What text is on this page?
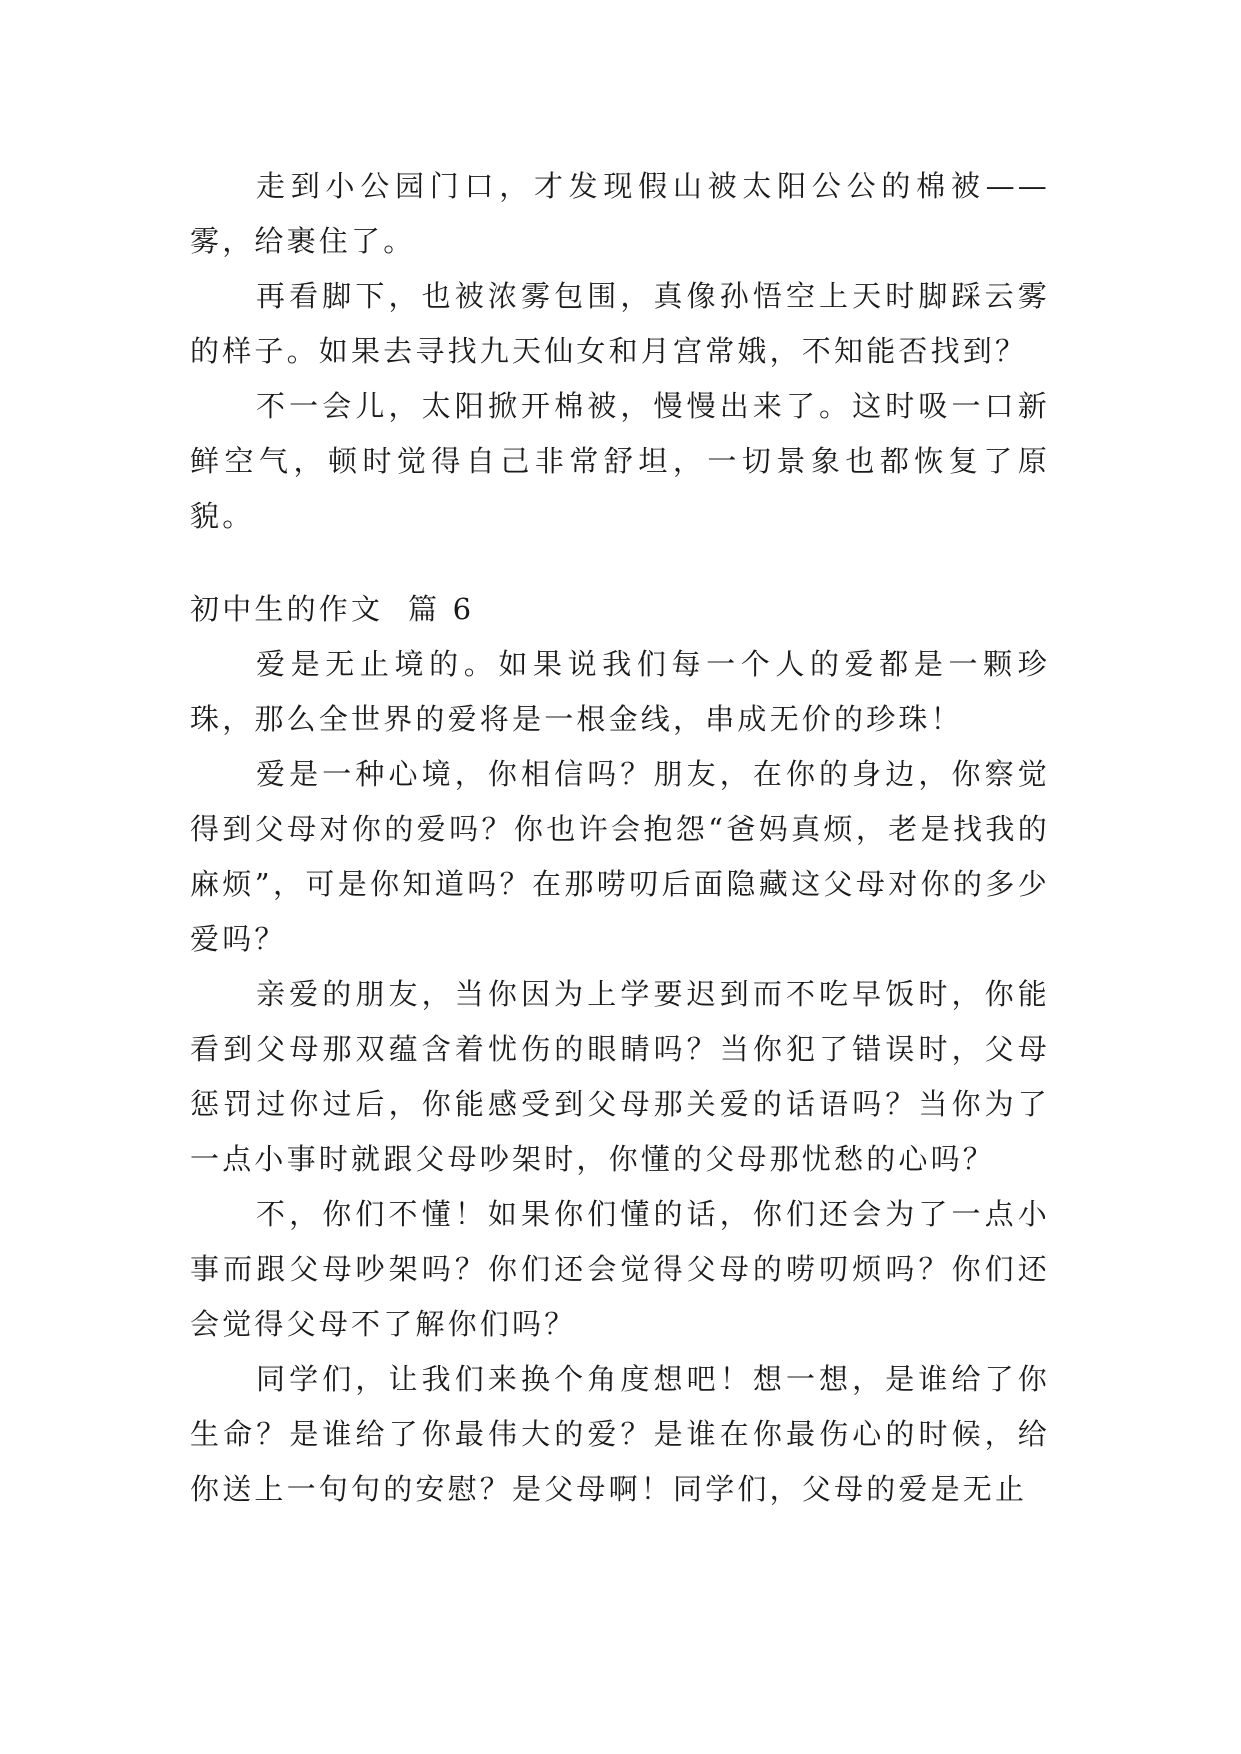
走到小公园门口，才发现假山被太阳公公的棉被——雾，给裹住了。

再看脚下，也被浓雾包围，真像孙悟空上天时脚踩云雾的样子。如果去寻找九天仙女和月宫常娥，不知能否找到？

不一会儿，太阳掀开棉被，慢慢出来了。这时吸一口新鲜空气，顿时觉得自己非常舒坦，一切景象也都恢复了原貌。

初中生的作文  篇 6

爱是无止境的。如果说我们每一个人的爱都是一颗珍珠，那么全世界的爱将是一根金线，串成无价的珍珠！

爱是一种心境，你相信吗？朋友，在你的身边，你察觉得到父母对你的爱吗？你也许会抱怨“爸妈真烦，老是找我的麻烦”，可是你知道吗？在那唠叨后面隐藏这父母对你的多少爱吗？

亲爱的朋友，当你因为上学要迟到而不吃早饭时，你能看到父母那双蕴含着忧伤的眼睛吗？当你犯了错误时，父母惩罚过你过后，你能感受到父母那关爱的话语吗？当你为了一点小事时就跟父母吵架时，你懂的父母那忧愁的心吗？

不，你们不懂！如果你们懂的话，你们还会为了一点小事而跟父母吵架吗？你们还会觉得父母的唠叨烦吗？你们还会觉得父母不了解你们吗？

同学们，让我们来换个角度想吧！想一想，是谁给了你生命？是谁给了你最伟大的爱？是谁在你最伤心的时候，给你送上一句句的安慰？是父母啊！同学们，父母的爱是无止
